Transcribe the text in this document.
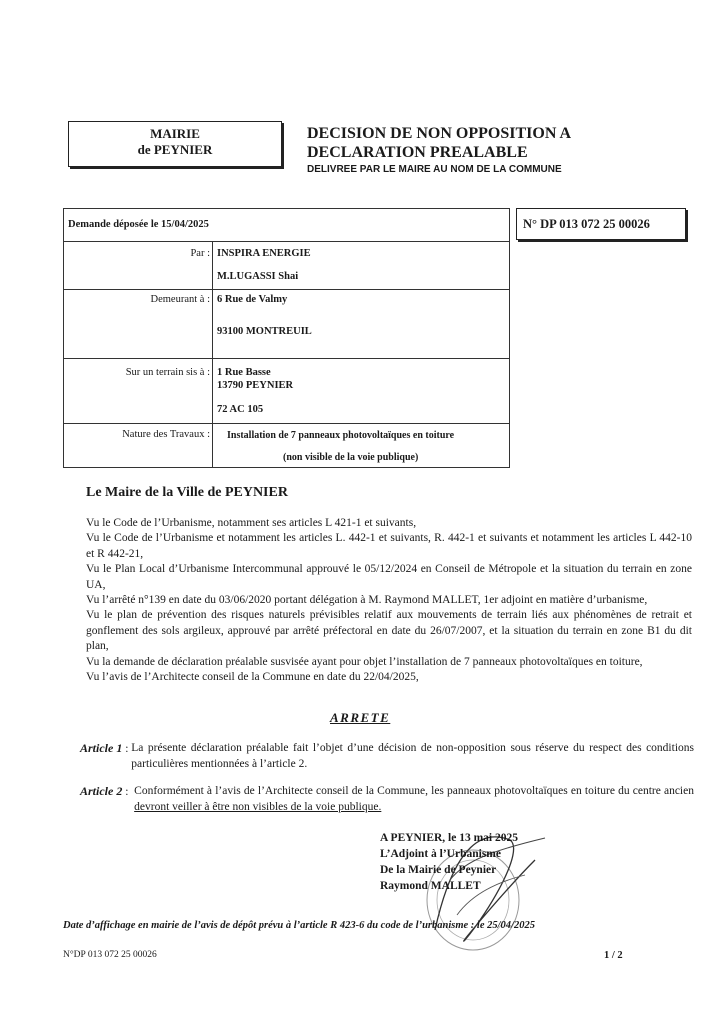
MAIRIE
de PEYNIER
DECISION DE NON OPPOSITION A
DECLARATION PREALABLE
DELIVREE PAR LE MAIRE AU NOM DE LA COMMUNE
Demande déposée le 15/04/2025
Par : INSPIRA ENERGIE
M.LUGASSI Shai
Demeurant à : 6 Rue de Valmy
93100 MONTREUIL
Sur un terrain sis à : 1 Rue Basse
13790 PEYNIER
72 AC 105
Nature des Travaux : Installation de 7 panneaux photovoltaïques en toiture
(non visible de la voie publique)
N° DP 013 072 25 00026
Le Maire de la Ville de PEYNIER

Vu le Code de l’Urbanisme, notamment ses articles L 421-1 et suivants,

Vu le Code de l’Urbanisme et notamment les articles L. 442-1 et suivants, R. 442-1 et suivants et notamment les articles L 442-10 et R 442-21,

Vu le Plan Local d’Urbanisme Intercommunal approuvé le 05/12/2024 en Conseil de Métropole et la situation du terrain en zone UA,

Vu l’arrêté n°139 en date du 03/06/2020 portant délégation à M. Raymond MALLET, 1er adjoint en matière d’urbanisme,

Vu le plan de prévention des risques naturels prévisibles relatif aux mouvements de terrain liés aux phénomènes de retrait et gonflement des sols argileux, approuvé par arrêté préfectoral en date du 26/07/2007, et la situation du terrain en zone B1 du dit plan,

Vu la demande de déclaration préalable susvisée ayant pour objet l’installation de 7 panneaux photovoltaïques en toiture,

Vu l’avis de l’Architecte conseil de la Commune en date du 22/04/2025,

ARRETE
Article 1 : La présente déclaration préalable fait l’objet d’une décision de non-opposition sous réserve du respect des conditions particulières mentionnées à l’article 2.
Article 2 : Conformément à l’avis de l’Architecte conseil de la Commune, les panneaux photovoltaïques en toiture du centre ancien devront veiller à être non visibles de la voie publique.
A PEYNIER, le 13 mai 2025
L’Adjoint à l’Urbanisme
De la Mairie de Peynier
Raymond MALLET
Date d’affichage en mairie de l’avis de dépôt prévu à l’article R 423-6 du code de l’urbanisme : le 25/04/2025
N°DP 013 072 25 00026	1 / 2
